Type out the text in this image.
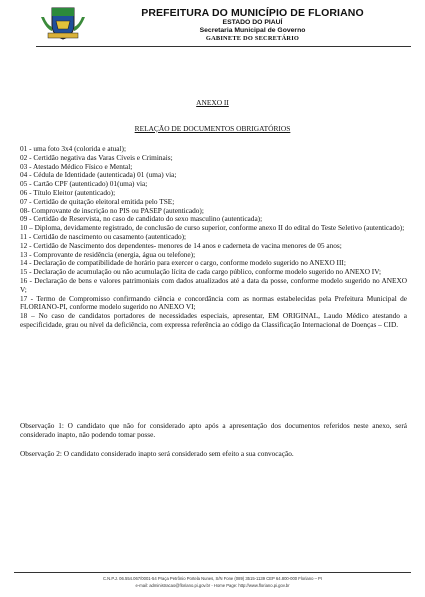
PREFEITURA DO MUNICÍPIO DE FLORIANO
ESTADO DO PIAUÍ
Secretaria Municipal de Governo
GABINETE DO SECRETÁRIO
ANEXO II
RELAÇÃO DE DOCUMENTOS OBRIGATÓRIOS
01 - uma foto 3x4 (colorida e atual);
02 - Certidão negativa das Varas Cíveis e Criminais;
03 - Atestado Médico Físico e Mental;
04 - Cédula de Identidade (autenticada) 01 (uma) via;
05 - Cartão CPF (autenticado) 01(uma) via;
06 - Título Eleitor (autenticado);
07 - Certidão de quitação eleitoral emitida pelo TSE;
08- Comprovante de inscrição no PIS ou PASEP (autenticado);
09 - Certidão de Reservista, no caso de candidato do sexo masculino (autenticada);
10 – Diploma, devidamente registrado, de conclusão de curso superior, conforme anexo II do edital do Teste Seletivo (autenticado);
11 - Certidão de nascimento ou casamento (autenticado);
12 - Certidão de Nascimento dos dependentes- menores de 14 anos e caderneta de vacina menores de 05 anos;
13 - Comprovante de residência (energia, água ou telefone);
14 - Declaração de compatibilidade de horário para exercer o cargo, conforme modelo sugerido no ANEXO III;
15 - Declaração de acumulação ou não acumulação lícita de cada cargo público, conforme modelo sugerido no ANEXO IV;
16 - Declaração de bens e valores patrimoniais com dados atualizados até a data da posse, conforme modelo sugerido no ANEXO V;
17 - Termo de Compromisso confirmando ciência e concordância com as normas estabelecidas pela Prefeitura Municipal de FLORIANO-PI, conforme modelo sugerido no ANEXO VI;
18 – No caso de candidatos portadores de necessidades especiais, apresentar, EM ORIGINAL, Laudo Médico atestando a especificidade, grau ou nível da deficiência, com expressa referência ao código da Classificação Internacional de Doenças – CID.
Observação 1: O candidato que não for considerado apto após a apresentação dos documentos referidos neste anexo, será considerado inapto, não podendo tomar posse.
Observação 2: O candidato considerado inapto será considerado sem efeito a sua convocação.
C.N.P.J. 06.554.067/0001-54 Praça Petrônio Portela Nunes, S/N Fone (089) 3515-1139 CEP 64.800-000 Floriano – PI
e-mail: administracao@floriano.pi.gov.br - Home Page: http://www.floriano.pi.gov.br
